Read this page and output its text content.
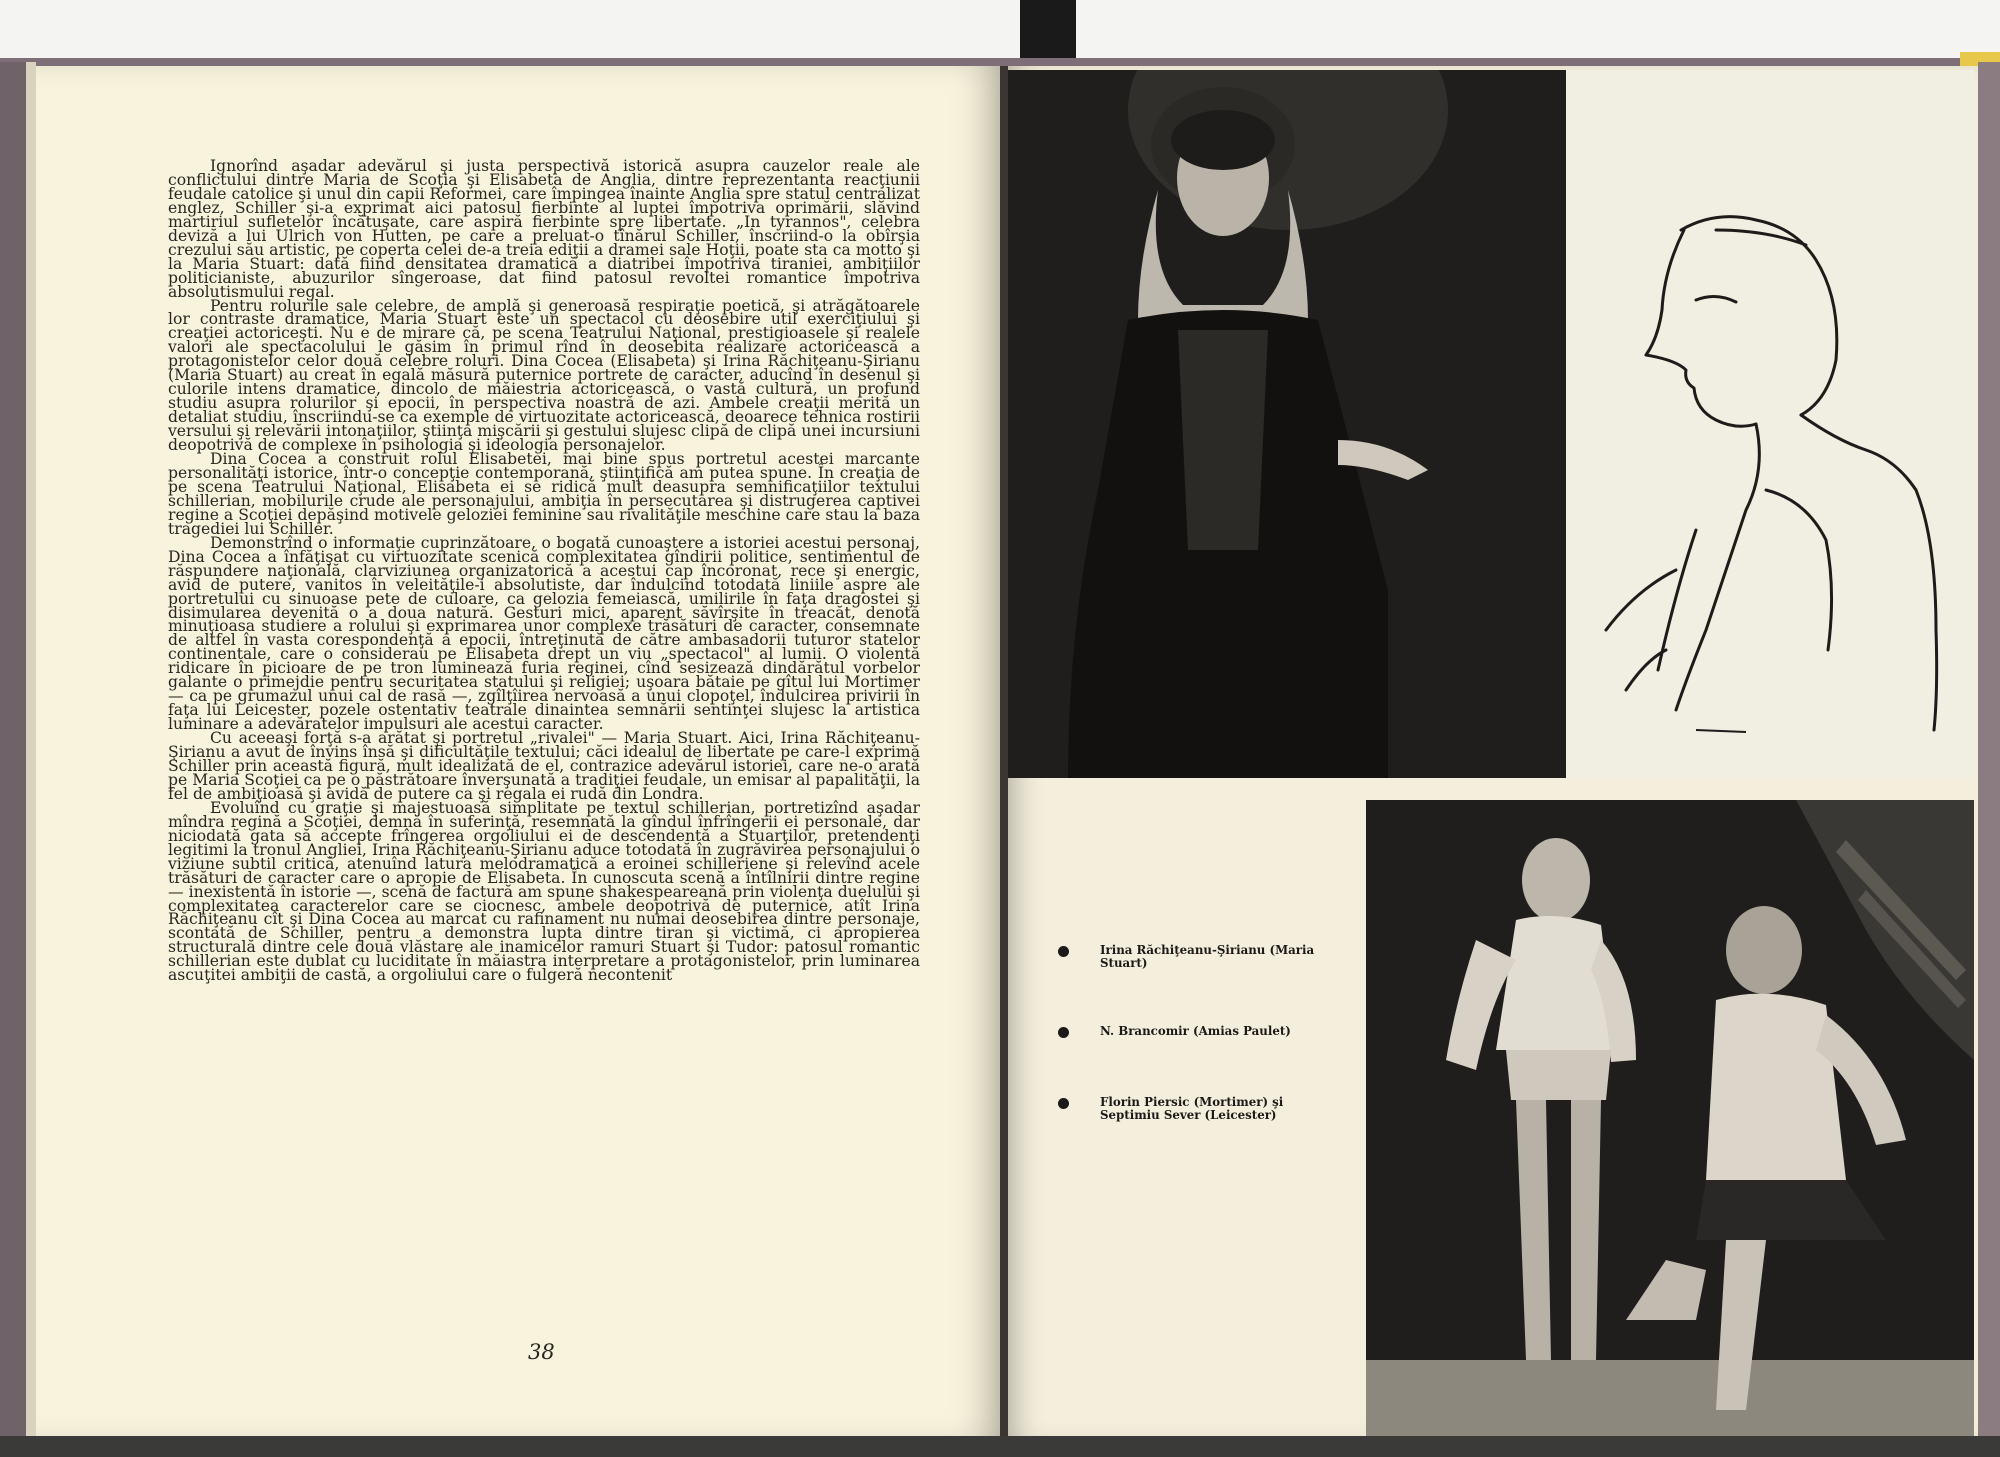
Ignorînd aşadar adevărul şi justa perspectivă istorică asupra cauzelor reale ale conflictului dintre Maria de Scoţia şi Elisabeta de Anglia, dintre reprezentanta reacţiunii feudale catolice şi unul din capii Reformei, care împingea înainte Anglia spre statul centralizat englez, Schiller şi-a exprimat aici patosul fierbinte al luptei împotriva oprimării, slăvind martiriul sufletelor încătuşate, care aspiră fierbinte spre libertate. „In tyrannos", celebra deviză a lui Ulrich von Hutten, pe care a preluat-o tînărul Schiller, înscriind-o la obîrşia crezului său artistic, pe coperta celei de-a treia ediţii a dramei sale Hoţii, poate sta ca motto şi la Maria Stuart: dată fiind densitatea dramatică a diatribei împotriva tiraniei, ambiţiilor politicianiste, abuzurilor sîngeroase, dat fiind patosul revoltei romantice împotriva absolutismului regal.

Pentru rolurile sale celebre, de amplă şi generoasă respiraţie poetică, şi atrăgătoarele lor contraste dramatice, Maria Stuart este un spectacol cu deosebire util exerciţiului şi creaţiei actoriceşti. Nu e de mirare că, pe scena Teatrului Naţional, prestigioasele şi realele valori ale spectacolului le găsim în primul rînd în deosebita realizare actoricească a protagonistelor celor două celebre roluri. Dina Cocea (Elisabeta) şi Irina Răchiţeanu-Şirianu (Maria Stuart) au creat în egală măsură puternice portrete de caracter, aducînd în desenul şi culorile intens dramatice, dincolo de măiestria actoricească, o vastă cultură, un profund studiu asupra rolurilor şi epocii, în perspectiva noastră de azi. Ambele creaţii merită un detaliat studiu, înscriindu-se ca exemple de virtuozitate actoricească, deoarece tehnica rostirii versului şi relevării intonaţiilor, ştiinţa mişcării şi gestului slujesc clipă de clipă unei incursiuni deopotrivă de complexe în psihologia şi ideologia personajelor.

Dina Cocea a construit rolul Elisabetei, mai bine spus portretul acestei marcante personalităţi istorice, într-o concepţie contemporană, ştiinţifică am putea spune. În creaţia de pe scena Teatrului Naţional, Elisabeta ei se ridică mult deasupra semnificaţiilor textului schillerian, mobilurile crude ale personajului, ambiţia în persecutarea şi distrugerea captivei regine a Scoţiei depăşind motivele geloziei feminine sau rivalităţile meschine care stau la baza tragediei lui Schiller.

Demonstrînd o informaţie cuprinzătoare, o bogată cunoaştere a istoriei acestui personaj, Dina Cocea a înfăţişat cu virtuozitate scenică complexitatea gîndirii politice, sentimentul de răspundere naţională, clarviziunea organizatorică a acestui cap încoronat, rece şi energic, avid de putere, vanitos în veleităţile-i absolutiste, dar îndulcind totodată liniile aspre ale portretului cu sinuoase pete de culoare, ca gelozia femeiască, umilirile în faţa dragostei şi disimularea devenită o a doua natură. Gesturi mici, aparent săvîrşite în treacăt, denotă minuţioasa studiere a rolului şi exprimarea unor complexe trăsături de caracter, consemnate de altfel în vasta corespondenţă a epocii, întreţinută de către ambasadorii tuturor statelor continentale, care o considerau pe Elisabeta drept un viu „spectacol" al lumii. O violentă ridicare în picioare de pe tron luminează furia reginei, cînd sesizează dindărătul vorbelor galante o primejdie pentru securitatea statului şi religiei; uşoara bătaie pe gîtul lui Mortimer — ca pe grumazul unui cal de rasă —, zgîlţîirea nervoasă a unui clopoţel, îndulcirea privirii în faţa lui Leicester, pozele ostentativ teatrale dinaintea semnării sentinţei slujesc la artistica luminare a adevăratelor impulsuri ale acestui caracter.

Cu aceeaşi forţă s-a arătat şi portretul „rivalei" — Maria Stuart. Aici, Irina Răchiţeanu-Şirianu a avut de învins însă şi dificultăţile textului; căci idealul de libertate pe care-l exprimă Schiller prin această figură, mult idealizată de el, contrazice adevărul istoriei, care ne-o arată pe Maria Scoţiei ca pe o păstrătoare înverşunată a tradiţiei feudale, un emisar al papalităţii, la fel de ambiţioasă şi avidă de putere ca şi regala ei rudă din Londra.

Evoluînd cu graţie şi majestuoasă simplitate pe textul schillerian, portretizînd aşadar mîndra regină a Scoţiei, demnă în suferinţă, resemnată la gîndul înfrîngerii ei personale, dar niciodată gata să accepte frîngerea orgoliului ei de descendentă a Stuarţilor, pretendenţi legitimi la tronul Angliei, Irina Răchiţeanu-Şirianu aduce totodată în zugrăvirea personajului o viziune subtil critică, atenuînd latura melodramatică a eroinei schilleriene şi relevînd acele trăsături de caracter care o apropie de Elisabeta. În cunoscuta scenă a întîlnirii dintre regine — inexistentă în istorie —, scenă de factură am spune shakespeareană prin violenţa duelului şi complexitatea caracterelor care se ciocnesc, ambele deopotrivă de puternice, atît Irina Răchiţeanu cît şi Dina Cocea au marcat cu rafinament nu numai deosebirea dintre personaje, scontată de Schiller, pentru a demonstra lupta dintre tiran şi victimă, ci apropierea structurală dintre cele două vlăstare ale inamicelor ramuri Stuart şi Tudor: patosul romantic schillerian este dublat cu luciditate în măiastra interpretare a protagonistelor, prin luminarea ascuţitei ambiţii de castă, a orgoliului care o fulgeră necontenit

38
Irina Răchiţeanu-Şirianu (Maria Stuart)
N. Brancomir (Amias Paulet)
Florin Piersic (Mortimer) şi Septimiu Sever (Leicester)
